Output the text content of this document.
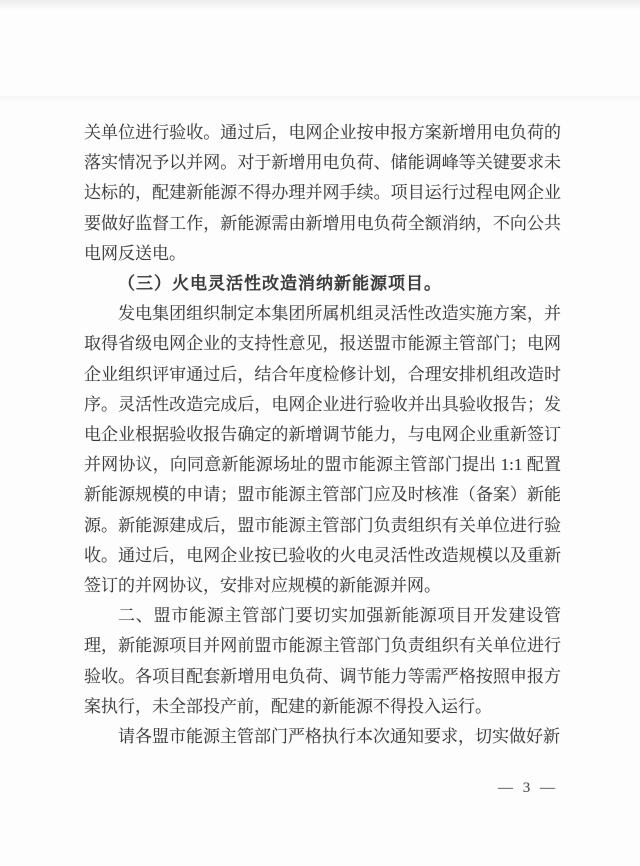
关单位进行验收。通过后，电网企业按申报方案新增用电负荷的落实情况予以并网。对于新增用电负荷、储能调峰等关键要求未达标的，配建新能源不得办理并网手续。项目运行过程电网企业要做好监督工作，新能源需由新增用电负荷全额消纳，不向公共电网反送电。

（三）火电灵活性改造消纳新能源项目。

发电集团组织制定本集团所属机组灵活性改造实施方案，并取得省级电网企业的支持性意见，报送盟市能源主管部门；电网企业组织评审通过后，结合年度检修计划，合理安排机组改造时序。灵活性改造完成后，电网企业进行验收并出具验收报告；发电企业根据验收报告确定的新增调节能力，与电网企业重新签订并网协议，向同意新能源场址的盟市能源主管部门提出 1:1 配置新能源规模的申请；盟市能源主管部门应及时核准（备案）新能源。新能源建成后，盟市能源主管部门负责组织有关单位进行验收。通过后，电网企业按已验收的火电灵活性改造规模以及重新签订的并网协议，安排对应规模的新能源并网。

二、盟市能源主管部门要切实加强新能源项目开发建设管理，新能源项目并网前盟市能源主管部门负责组织有关单位进行验收。各项目配套新增用电负荷、调节能力等需严格按照申报方案执行，未全部投产前，配建的新能源不得投入运行。

请各盟市能源主管部门严格执行本次通知要求，切实做好新

— 3 —
